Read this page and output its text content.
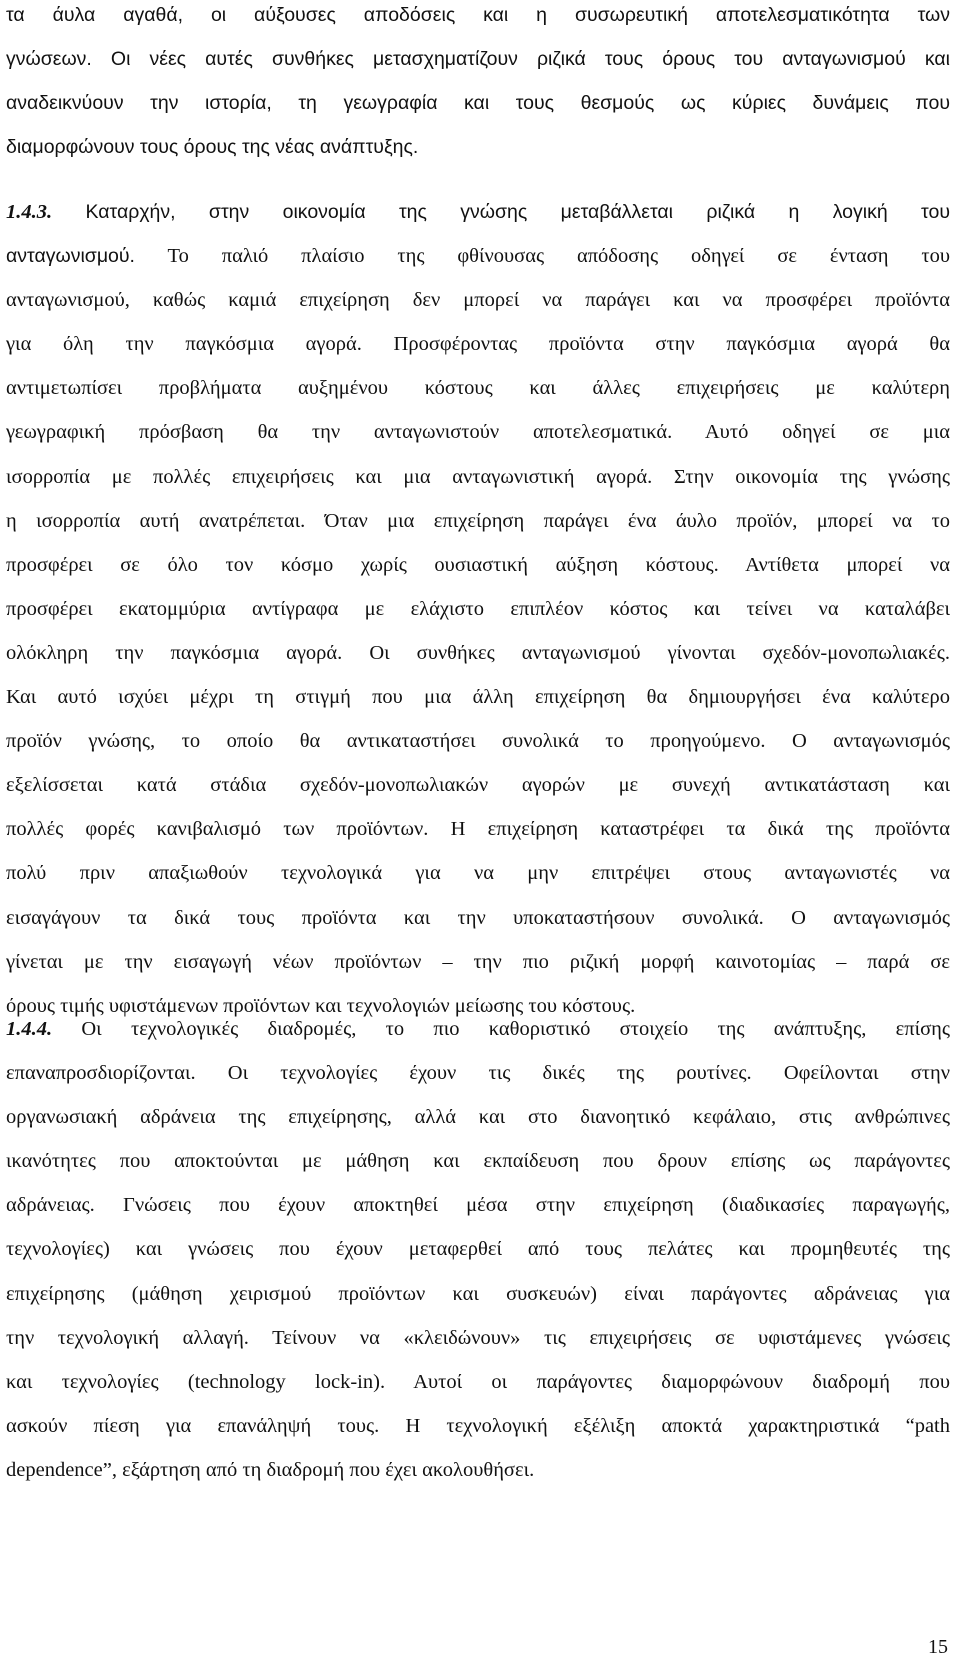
τα άυλα αγαθά, οι αύξουσες αποδόσεις και η συσωρευτική αποτελεσματικότητα των
γνώσεων. Οι νέες αυτές συνθήκες μετασχηματίζουν ριζικά τους όρους του ανταγωνισμού και
αναδεικνύουν την ιστορία, τη γεωγραφία και τους θεσμούς ως κύριες δυνάμεις που
διαμορφώνουν τους όρους της νέας ανάπτυξης.
1.4.3. Καταρχήν, στην οικονομία της γνώσης μεταβάλλεται ριζικά η λογική του
ανταγωνισμού. Το παλιό πλαίσιο της φθίνουσας απόδοσης οδηγεί σε ένταση του
ανταγωνισμού, καθώς καμιά επιχείρηση δεν μπορεί να παράγει και να προσφέρει προϊόντα
για όλη την παγκόσμια αγορά. Προσφέροντας προϊόντα στην παγκόσμια αγορά θα
αντιμετωπίσει προβλήματα αυξημένου κόστους και άλλες επιχειρήσεις με καλύτερη
γεωγραφική πρόσβαση θα την ανταγωνιστούν αποτελεσματικά. Αυτό οδηγεί σε μια
ισορροπία με πολλές επιχειρήσεις και μια ανταγωνιστική αγορά. Στην οικονομία της γνώσης
η ισορροπία αυτή ανατρέπεται. Όταν μια επιχείρηση παράγει ένα άυλο προϊόν, μπορεί να το
προσφέρει σε όλο τον κόσμο χωρίς ουσιαστική αύξηση κόστους. Αντίθετα μπορεί να
προσφέρει εκατομμύρια αντίγραφα με ελάχιστο επιπλέον κόστος και τείνει να καταλάβει
ολόκληρη την παγκόσμια αγορά. Οι συνθήκες ανταγωνισμού γίνονται σχεδόν-μονοπωλιακές.
Και αυτό ισχύει μέχρι τη στιγμή που μια άλλη επιχείρηση θα δημιουργήσει ένα καλύτερο
προϊόν γνώσης, το οποίο θα αντικαταστήσει συνολικά το προηγούμενο. Ο ανταγωνισμός
εξελίσσεται κατά στάδια σχεδόν-μονοπωλιακών αγορών με συνεχή αντικατάσταση και
πολλές φορές κανιβαλισμό των προϊόντων. Η επιχείρηση καταστρέφει τα δικά της προϊόντα
πολύ πριν απαξιωθούν τεχνολογικά για να μην επιτρέψει στους ανταγωνιστές να
εισαγάγουν τα δικά τους προϊόντα και την υποκαταστήσουν συνολικά. Ο ανταγωνισμός
γίνεται με την εισαγωγή νέων προϊόντων – την πιο ριζική μορφή καινοτομίας – παρά σε
όρους τιμής υφιστάμενων προϊόντων και τεχνολογιών μείωσης του κόστους.
1.4.4. Οι τεχνολογικές διαδρομές, το πιο καθοριστικό στοιχείο της ανάπτυξης, επίσης
επαναπροσδιορίζονται. Οι τεχνολογίες έχουν τις δικές της ρουτίνες. Οφείλονται στην
οργανωσιακή αδράνεια της επιχείρησης, αλλά και στο διανοητικό κεφάλαιο, στις ανθρώπινες
ικανότητες που αποκτούνται με μάθηση και εκπαίδευση που δρουν επίσης ως παράγοντες
αδράνειας. Γνώσεις που έχουν αποκτηθεί μέσα στην επιχείρηση (διαδικασίες παραγωγής,
τεχνολογίες) και γνώσεις που έχουν μεταφερθεί από τους πελάτες και προμηθευτές της
επιχείρησης (μάθηση χειρισμού προϊόντων και συσκευών) είναι παράγοντες αδράνειας για
την τεχνολογική αλλαγή. Τείνουν να «κλειδώνουν» τις επιχειρήσεις σε υφιστάμενες γνώσεις
και τεχνολογίες (technology lock-in). Αυτοί οι παράγοντες διαμορφώνουν διαδρομή που
ασκούν πίεση για επανάληψή τους. Η τεχνολογική εξέλιξη αποκτά χαρακτηριστικά “path
dependence”, εξάρτηση από τη διαδρομή που έχει ακολουθήσει.
15
